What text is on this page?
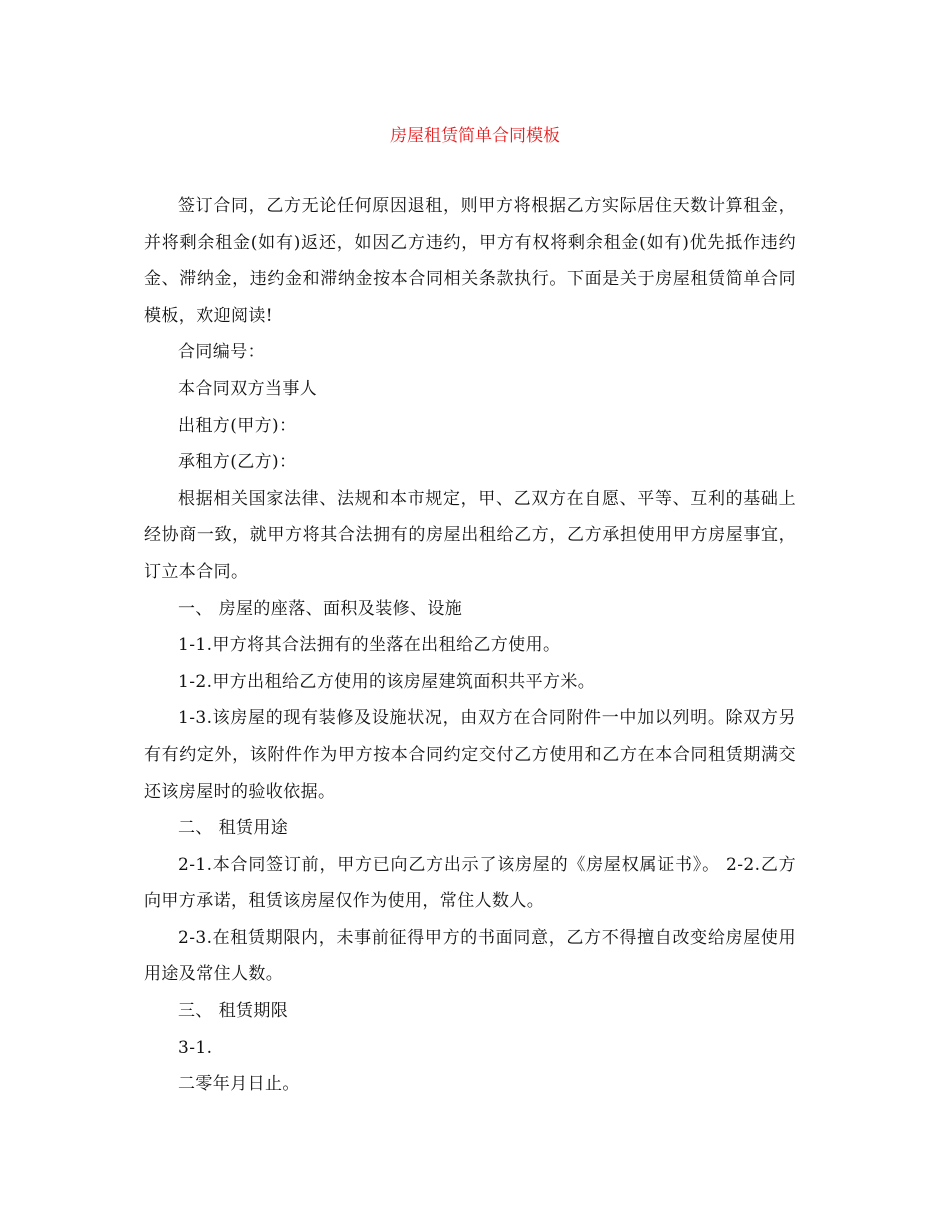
房屋租赁简单合同模板

签订合同，乙方无论任何原因退租，则甲方将根据乙方实际居住天数计算租金，并将剩余租金(如有)返还，如因乙方违约，甲方有权将剩余租金(如有)优先抵作违约金、滞纳金，违约金和滞纳金按本合同相关条款执行。下面是关于房屋租赁简单合同模板，欢迎阅读!

合同编号：

本合同双方当事人

出租方(甲方)：

承租方(乙方)：

根据相关国家法律、法规和本市规定，甲、乙双方在自愿、平等、互利的基础上经协商一致，就甲方将其合法拥有的房屋出租给乙方，乙方承担使用甲方房屋事宜，订立本合同。

一、 房屋的座落、面积及装修、设施

1-1.甲方将其合法拥有的坐落在出租给乙方使用。

1-2.甲方出租给乙方使用的该房屋建筑面积共平方米。

1-3.该房屋的现有装修及设施状况，由双方在合同附件一中加以列明。除双方另有有约定外，该附件作为甲方按本合同约定交付乙方使用和乙方在本合同租赁期满交还该房屋时的验收依据。

二、 租赁用途

2-1.本合同签订前，甲方已向乙方出示了该房屋的《房屋权属证书》。 2-2.乙方向甲方承诺，租赁该房屋仅作为使用，常住人数人。

2-3.在租赁期限内，未事前征得甲方的书面同意，乙方不得擅自改变给房屋使用用途及常住人数。

三、 租赁期限

3-1.

二零年月日止。
